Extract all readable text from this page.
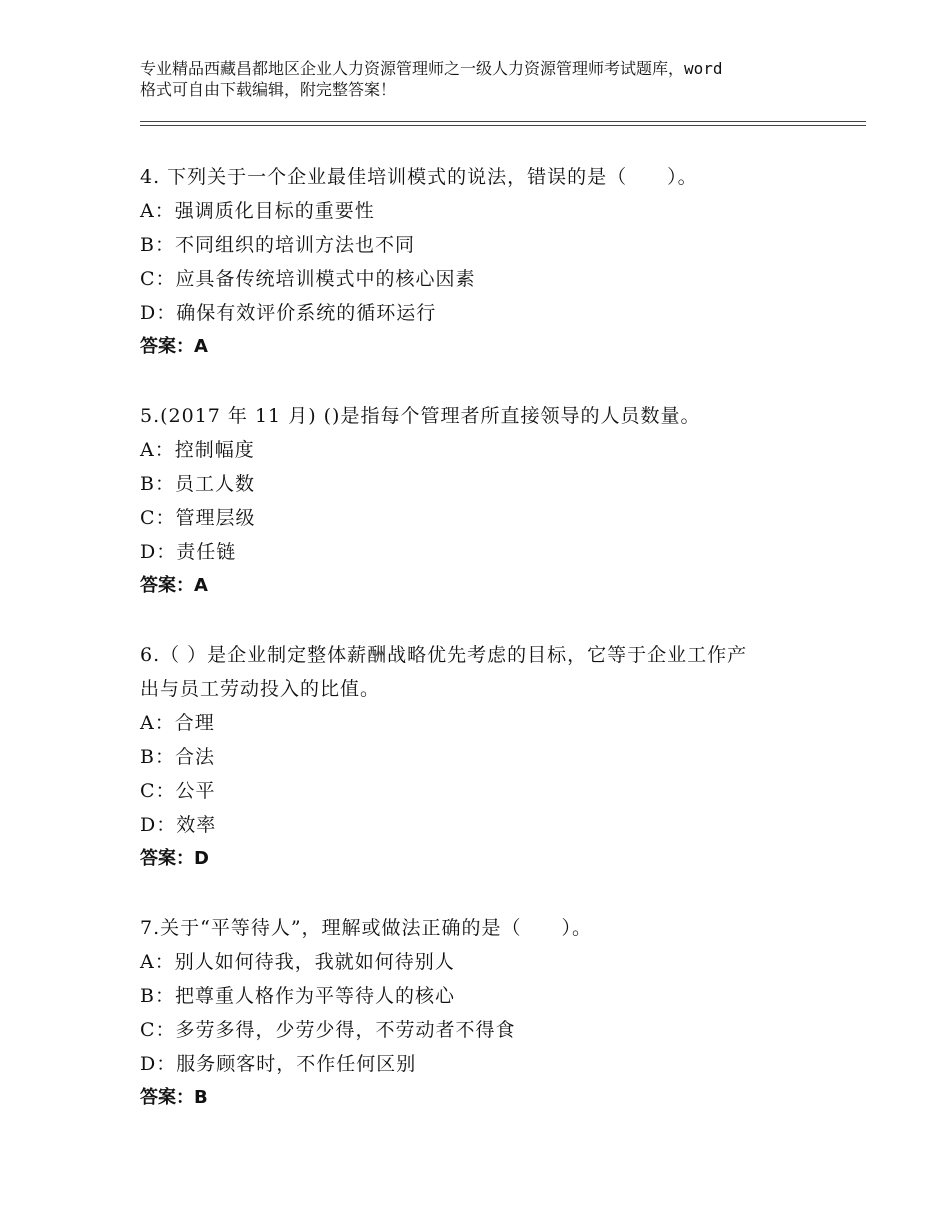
专业精品西藏昌都地区企业人力资源管理师之一级人力资源管理师考试题库，word
格式可自由下载编辑，附完整答案！
4. 下列关于一个企业最佳培训模式的说法，错误的是（　　）。
A：强调质化目标的重要性
B：不同组织的培训方法也不同
C：应具备传统培训模式中的核心因素
D：确保有效评价系统的循环运行
答案：A
5.(2017 年 11 月) ()是指每个管理者所直接领导的人员数量。
A：控制幅度
B：员工人数
C：管理层级
D：责任链
答案：A
6.（ ）是企业制定整体薪酬战略优先考虑的目标，它等于企业工作产
出与员工劳动投入的比值。
A：合理
B：合法
C：公平
D：效率
答案：D
7.关于“平等待人”，理解或做法正确的是（　　）。
A：别人如何待我，我就如何待别人
B：把尊重人格作为平等待人的核心
C：多劳多得，少劳少得，不劳动者不得食
D：服务顾客时，不作任何区别
答案：B
